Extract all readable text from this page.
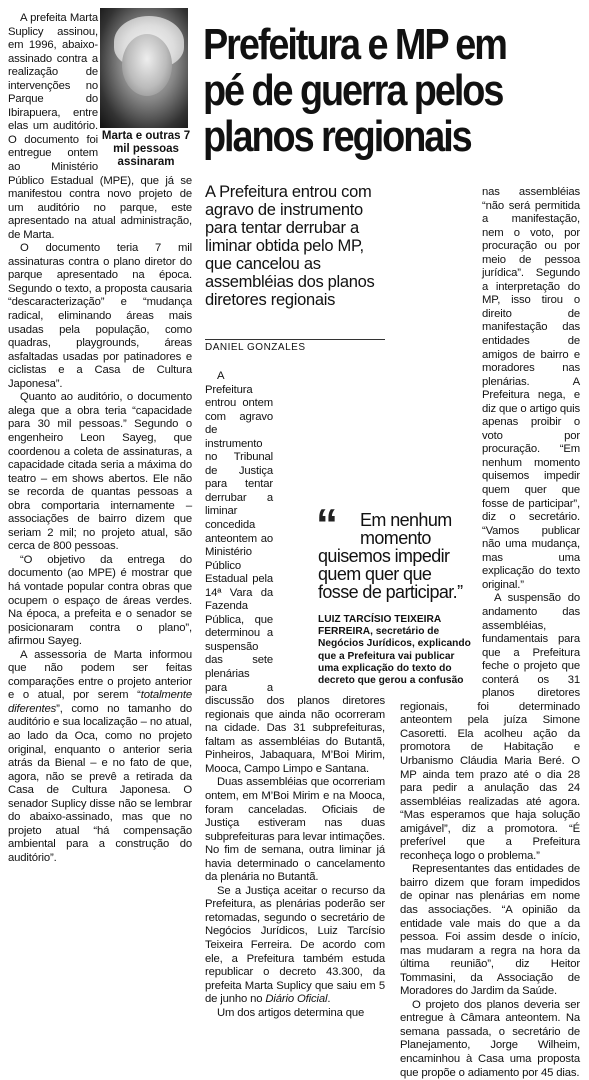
Marta e outras 7 mil pessoas assinaram
Prefeitura e MP em pé de guerra pelos planos regionais
A Prefeitura entrou com agravo de instrumento para tentar derrubar a liminar obtida pelo MP, que cancelou as assembléias dos planos diretores regionais
DANIEL GONZALES

A prefeita Marta Suplicy assinou, em 1996, abaixo-assinado contra a realização de intervenções no Parque do Ibirapuera, entre elas um auditório. O documento foi entregue ontem ao Ministério Público Estadual (MPE), que já se manifestou contra novo projeto de um auditório no parque, este apresentado na atual administração, de Marta.

O documento teria 7 mil assinaturas contra o plano diretor do parque apresentado na época. Segundo o texto, a proposta causaria “descaracterização” e “mudança radical, eliminando áreas mais usadas pela população, como quadras, playgrounds, áreas asfaltadas usadas por patinadores e ciclistas e a Casa de Cultura Japonesa”.

Quanto ao auditório, o documento alega que a obra teria “capacidade para 30 mil pessoas.” Segundo o engenheiro Leon Sayeg, que coordenou a coleta de assinaturas, a capacidade citada seria a máxima do teatro – em shows abertos. Ele não se recorda de quantas pessoas a obra comportaria internamente – associações de bairro dizem que seriam 2 mil; no projeto atual, são cerca de 800 pessoas.

“O objetivo da entrega do documento (ao MPE) é mostrar que há vontade popular contra obras que ocupem o espaço de áreas verdes. Na época, a prefeita e o senador se posicionaram contra o plano”, afirmou Sayeg.

A assessoria de Marta informou que não podem ser feitas comparações entre o projeto anterior e o atual, por serem “totalmente diferentes”, como no tamanho do auditório e sua localização – no atual, ao lado da Oca, como no projeto original, enquanto o anterior seria atrás da Bienal – e no fato de que, agora, não se prevê a retirada da Casa de Cultura Japonesa. O senador Suplicy disse não se lembrar do abaixo-assinado, mas que no projeto atual “há compensação ambiental para a construção do auditório”.

A Prefeitura entrou ontem com agravo de instrumento no Tribunal de Justiça para tentar derrubar a liminar concedida anteontem ao Ministério Público Estadual pela 14ª Vara da Fazenda Pública, que determinou a suspensão das sete plenárias para a discussão dos planos diretores regionais que ainda não ocorreram na cidade. Das 31 subprefeituras, faltam as assembléias do Butantã, Pinheiros, Jabaquara, M’Boi Mirim, Mooca, Campo Limpo e Santana.

Duas assembléias que ocorreriam ontem, em M’Boi Mirim e na Mooca, foram canceladas. Oficiais de Justiça estiveram nas duas subprefeituras para levar intimações. No fim de semana, outra liminar já havia determinado o cancelamento da plenária no Butantã.

Se a Justiça aceitar o recurso da Prefeitura, as plenárias poderão ser retomadas, segundo o secretário de Negócios Jurídicos, Luiz Tarcísio Teixeira Ferreira. De acordo com ele, a Prefeitura também estuda republicar o decreto 43.300, da prefeita Marta Suplicy que saiu em 5 de junho no Diário Oficial.

Um dos artigos determina que

nas assembléias “não será permitida a manifestação, nem o voto, por procuração ou por meio de pessoa jurídica”. Segundo a interpretação do MP, isso tirou o direito de manifestação das entidades de amigos de bairro e moradores nas plenárias. A Prefeitura nega, e diz que o artigo quis apenas proibir o voto por procuração. “Em nenhum momento quisemos impedir quem quer que fosse de participar”, diz o secretário. “Vamos publicar não uma mudança, mas uma explicação do texto original.”

A suspensão do andamento das assembléias, fundamentais para que a Prefeitura feche o projeto que conterá os 31 planos diretores regionais, foi determinado anteontem pela juíza Simone Casoretti. Ela acolheu ação da promotora de Habitação e Urbanismo Cláudia Maria Beré. O MP ainda tem prazo até o dia 28 para pedir a anulação das 24 assembléias realizadas até agora. “Mas esperamos que haja solução amigável”, diz a promotora. “É preferível que a Prefeitura reconheça logo o problema.”

Representantes das entidades de bairro dizem que foram impedidos de opinar nas plenárias em nome das associações. “A opinião da entidade vale mais do que a da pessoa. Foi assim desde o início, mas mudaram a regra na hora da última reunião”, diz Heitor Tommasini, da Associação de Moradores do Jardim da Saúde.

O projeto dos planos deveria ser entregue à Câmara anteontem. Na semana passada, o secretário de Planejamento, Jorge Wilheim, encaminhou à Casa uma proposta que propõe o adiamento por 45 dias.

“	Em nenhum momento
quisemos impedir quem quer que fosse de participar.”
LUIZ TARCÍSIO TEIXEIRA FERREIRA, secretário de Negócios Jurídicos, explicando que a Prefeitura vai publicar uma explicação do texto do decreto que gerou a confusão
